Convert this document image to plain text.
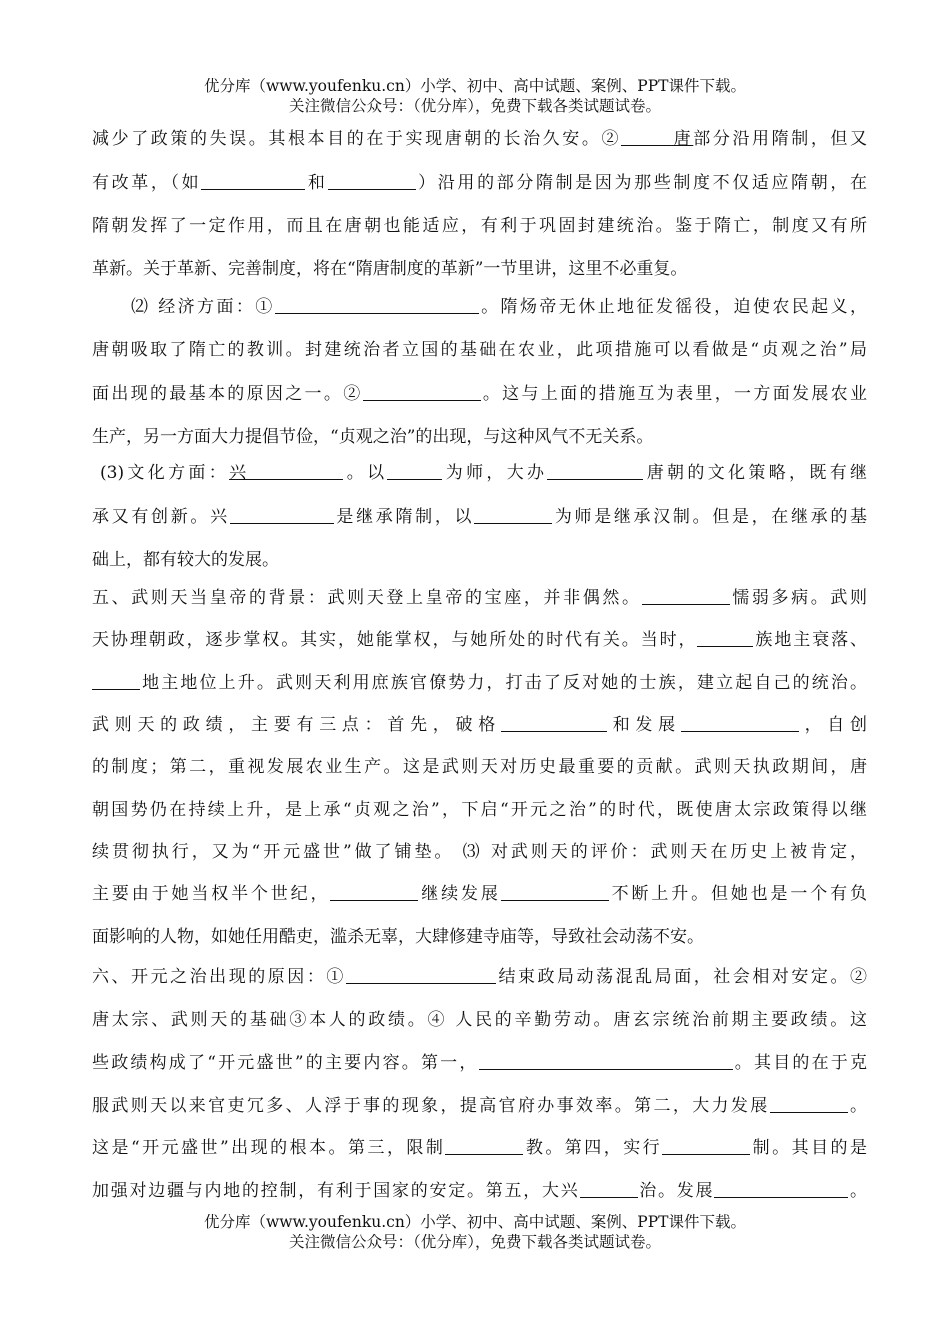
优分库（www.youfenku.cn）小学、初中、高中试题、案例、PPT课件下载。
关注微信公众号：（优分库），免费下载各类试题试卷。
减少了政策的失误。其根本目的在于实现唐朝的长治久安。②	唐部分沿用隋制，但又
有改革，（如	和	）沿用的部分隋制是因为那些制度不仅适应隋朝，在
隋朝发挥了一定作用，而且在唐朝也能适应，有利于巩固封建统治。鉴于隋亡，制度又有所
革新。关于革新、完善制度，将在“隋唐制度的革新”一节里讲，这里不必重复。
⑵ 经济方面：①	。隋炀帝无休止地征发徭役，迫使农民起义，
唐朝吸取了隋亡的教训。封建统治者立国的基础在农业，此项措施可以看做是“贞观之治”局
面出现的最基本的原因之一。②	。这与上面的措施互为表里，一方面发展农业
生产，另一方面大力提倡节俭，“贞观之治”的出现，与这种风气不无关系。
(3)文化方面：兴	。以	为师，大办	唐朝的文化策略，既有继
承又有创新。兴	是继承隋制，以	为师是继承汉制。但是，在继承的基
础上，都有较大的发展。
五、武则天当皇帝的背景：武则天登上皇帝的宝座，并非偶然。	懦弱多病。武则
天协理朝政，逐步掌权。其实，她能掌权，与她所处的时代有关。当时，	族地主衰落、
地主地位上升。武则天利用庶族官僚势力，打击了反对她的士族，建立起自己的统治。
武则天的政绩，主要有三点：首先，破格	和发展	，自创
的制度；第二，重视发展农业生产。这是武则天对历史最重要的贡献。武则天执政期间，唐
朝国势仍在持续上升，是上承“贞观之治”，下启“开元之治”的时代，既使唐太宗政策得以继
续贯彻执行，又为“开元盛世”做了铺垫。 ⑶ 对武则天的评价：武则天在历史上被肯定，
主要由于她当权半个世纪，	继续发展	不断上升。但她也是一个有负
面影响的人物，如她任用酷吏，滥杀无辜，大肆修建寺庙等，导致社会动荡不安。
六、开元之治出现的原因：①	结束政局动荡混乱局面，社会相对安定。②
唐太宗、武则天的基础③本人的政绩。④ 人民的辛勤劳动。唐玄宗统治前期主要政绩。这
些政绩构成了“开元盛世”的主要内容。第一，	。其目的在于克
服武则天以来官吏冗多、人浮于事的现象，提高官府办事效率。第二，大力发展	。
这是“开元盛世”出现的根本。第三，限制	教。第四，实行	制。其目的是
加强对边疆与内地的控制，有利于国家的安定。第五，大兴	治。发展	。
优分库（www.youfenku.cn）小学、初中、高中试题、案例、PPT课件下载。
关注微信公众号：（优分库），免费下载各类试题试卷。
